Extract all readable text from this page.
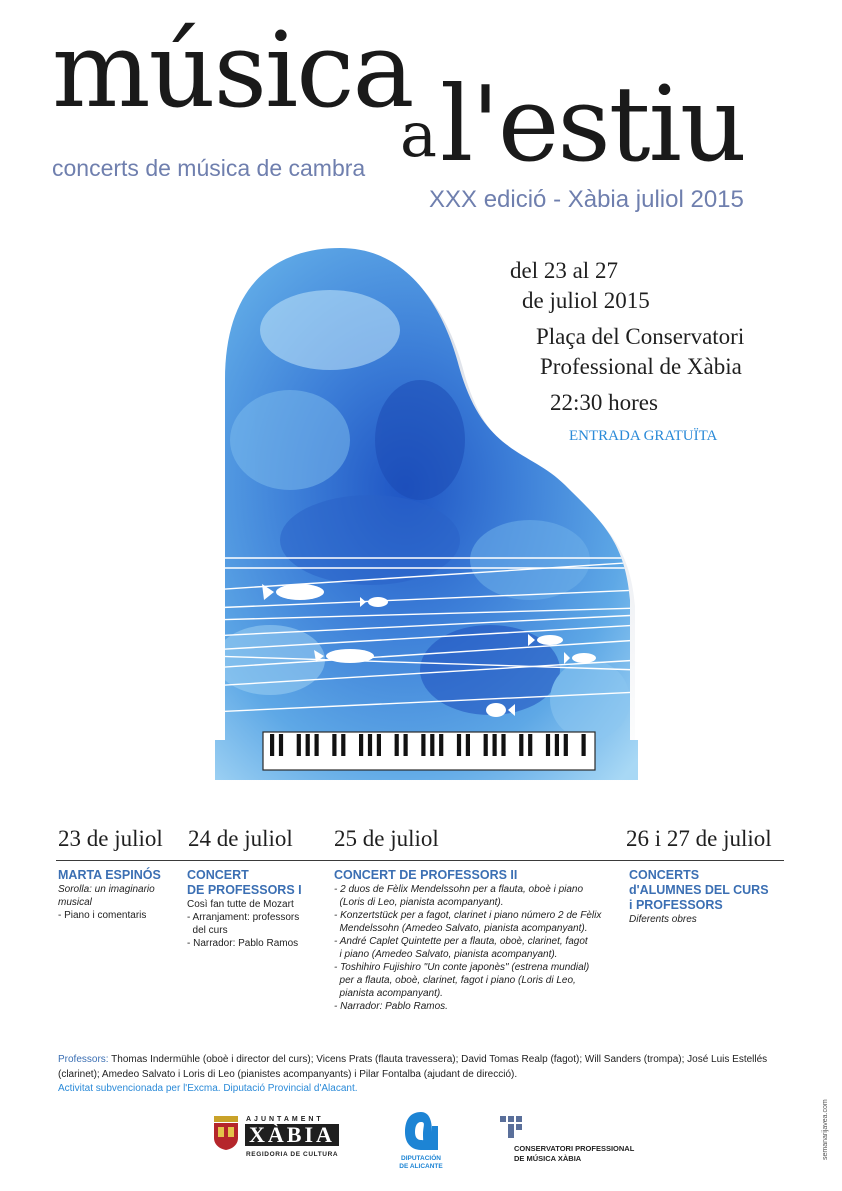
música
a l'estiu
concerts de música de cambra
XXX edició - Xàbia juliol 2015
del 23 al 27
de juliol 2015
Plaça del Conservatori
Professional de Xàbia
22:30 hores
ENTRADA GRATUÏTA
23 de juliol 24 de juliol 25 de juliol	26 i 27 de juliol
MARTA ESPINÓS
Sorolla: un imaginario
musical
- Piano i comentaris
CONCERT
DE PROFESSORS I
Così fan tutte de Mozart
- Arranjament: professors
del curs
- Narrador: Pablo Ramos
CONCERT DE PROFESSORS II
- 2 duos de Fèlix Mendelssohn per a flauta, oboè i piano
(Loris di Leo, pianista acompanyant).
- Konzertstück per a fagot, clarinet i piano número 2 de Fèlix
Mendelssohn (Amedeo Salvato, pianista acompanyant).
- André Caplet Quintette per a flauta, oboè, clarinet, fagot
i piano (Amedeo Salvato, pianista acompanyant).
- Toshihiro Fujishiro "Un conte japonès" (estrena mundial)
per a flauta, oboè, clarinet, fagot i piano (Loris di Leo,
pianista acompanyant).
- Narrador: Pablo Ramos.
CONCERTS
d'ALUMNES DEL CURS
i PROFESSORS
Diferents obres
Professors: Thomas Indermühle (oboè i director del curs); Vicens Prats (flauta travessera); David Tomas Realp (fagot); Will Sanders (trompa); José Luis Estellés (clarinet); Amedeo Salvato i Loris di Leo (pianistes acompanyants) i Pilar Fontalba (ajudant de direcció).
Activitat subvencionada per l'Excma. Diputació Provincial d'Alacant.
AJUNTAMENT
XÀBIA
REGIDORIA DE CULTURA
DIPUTACIÓN
DE ALICANTE
CONSERVATORI PROFESSIONAL
DE MÚSICA XÀBIA	semanarijavea.com
